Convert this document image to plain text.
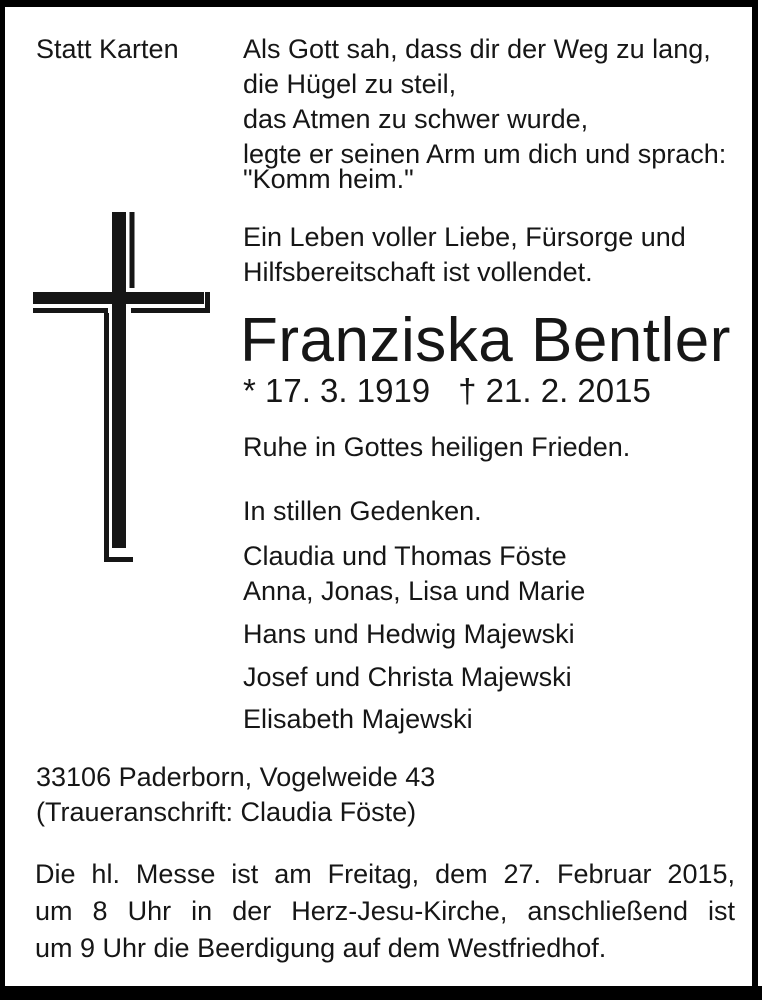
Statt Karten Als Gott sah, dass dir der Weg zu lang,
die Hügel zu steil,
das Atmen zu schwer wurde,
legte er seinen Arm um dich und sprach:
"Komm heim."
Ein Leben voller Liebe, Fürsorge und
Hilfsbereitschaft ist vollendet.
Franziska Bentler
* 17. 3. 1919 † 21. 2. 2015
Ruhe in Gottes heiligen Frieden.
In stillen Gedenken.
Claudia und Thomas Föste
Anna, Jonas, Lisa und Marie
Hans und Hedwig Majewski
Josef und Christa Majewski
Elisabeth Majewski
33106 Paderborn, Vogelweide 43
(Traueranschrift: Claudia Föste)
Die hl. Messe ist am Freitag, dem 27. Februar 2015,
um 8 Uhr in der Herz-Jesu-Kirche, anschließend ist
um 9 Uhr die Beerdigung auf dem Westfriedhof.
